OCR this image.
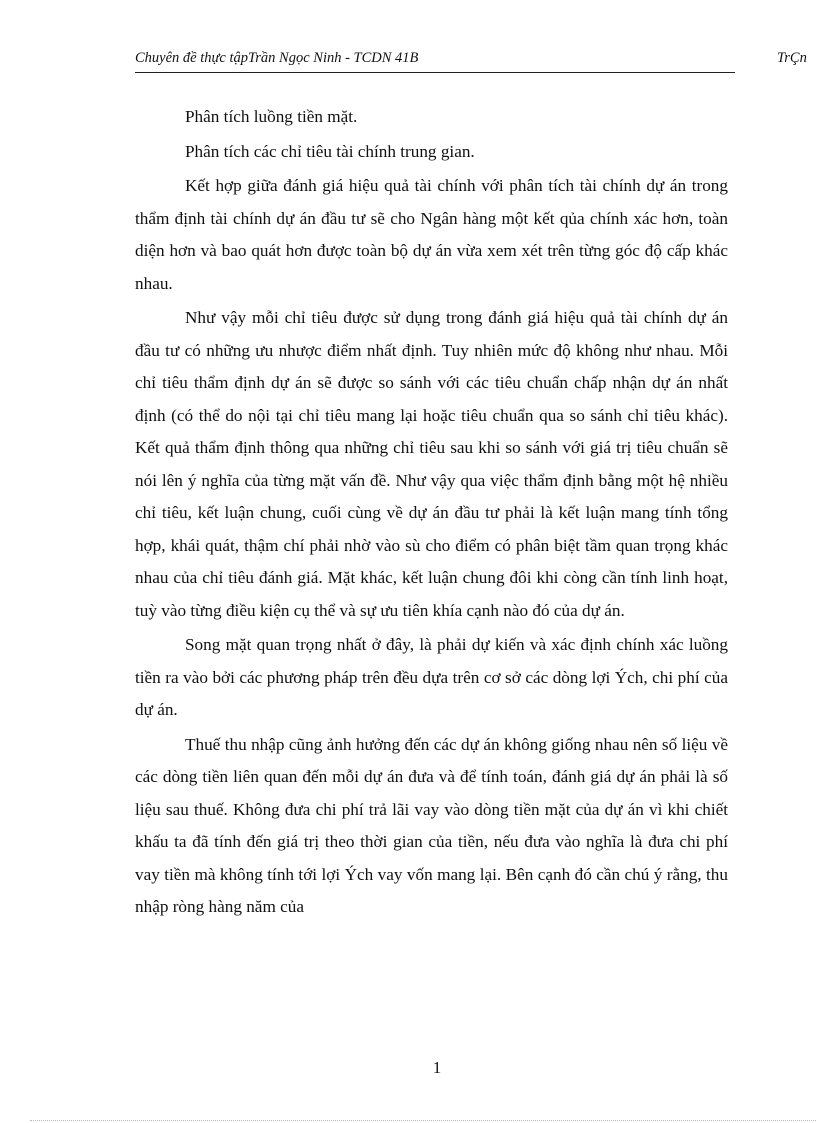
Chuyên đề thực tậpTrần Ngọc Ninh - TCDN 41B	TrÇn

Phân tích luồng tiền mặt.

Phân tích các chỉ tiêu tài chính trung gian.

Kết hợp giữa đánh giá hiệu quả tài chính với phân tích tài chính dự án trong thẩm định tài chính dự án đầu tư sẽ cho Ngân hàng một kết qủa chính xác hơn, toàn diện hơn và bao quát hơn được toàn bộ dự án vừa xem xét trên từng góc độ cấp khác nhau.

Như vậy mỗi chỉ tiêu được sử dụng trong đánh giá hiệu quả tài chính dự án đầu tư có những ưu nhược điểm nhất định. Tuy nhiên mức độ không như nhau. Mỗi chỉ tiêu thẩm định dự án sẽ được so sánh với các tiêu chuẩn chấp nhận dự án nhất định (có thể do nội tại chỉ tiêu mang lại hoặc tiêu chuẩn qua so sánh chỉ tiêu khác). Kết quả thẩm định thông qua những chỉ tiêu sau khi so sánh với giá trị tiêu chuẩn sẽ nói lên ý nghĩa của từng mặt vấn đề. Như vậy qua việc thẩm định bằng một hệ nhiều chỉ tiêu, kết luận chung, cuối cùng về dự án đầu tư phải là kết luận mang tính tổng hợp, khái quát, thậm chí phải nhờ vào sù cho điểm có phân biệt tầm quan trọng khác nhau của chỉ tiêu đánh giá. Mặt khác, kết luận chung đôi khi còng cần tính linh hoạt, tuỳ vào từng điều kiện cụ thể và sự ưu tiên khía cạnh nào đó của dự án.

Song mặt quan trọng nhất ở đây, là phải dự kiến và xác định chính xác luồng tiền ra vào bởi các phương pháp trên đều dựa trên cơ sở các dòng lợi Ých, chi phí của dự án.

Thuế thu nhập cũng ảnh hưởng đến các dự án không giống nhau nên số liệu về các dòng tiền liên quan đến mỗi dự án đưa và để tính toán, đánh giá dự án phải là số liệu sau thuế. Không đưa chi phí trả lãi vay vào dòng tiền mặt của dự án vì khi chiết khấu ta đã tính đến giá trị theo thời gian của tiền, nếu đưa vào nghĩa là đưa chi phí vay tiền mà không tính tới lợi Ých vay vốn mang lại. Bên cạnh đó cần chú ý rằng, thu nhập ròng hàng năm của

1
